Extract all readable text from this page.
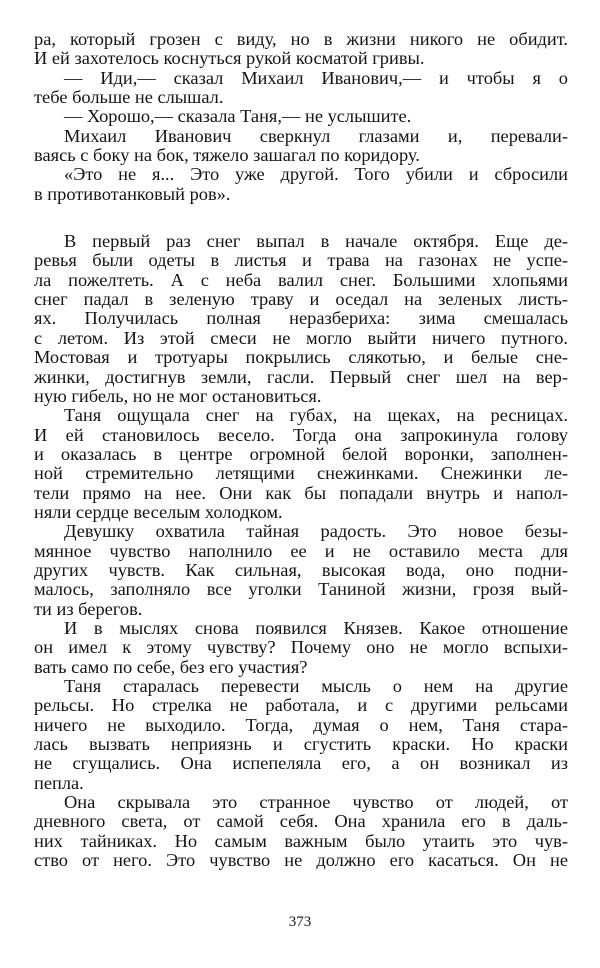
ра, который грозен с виду, но в жизни никого не обидит.
И ей захотелось коснуться рукой косматой гривы.
— Иди,— сказал Михаил Иванович,— и чтобы я о
тебе больше не слышал.
— Хорошо,— сказала Таня,— не услышите.
Михаил Иванович сверкнул глазами и, перевали-
ваясь с боку на бок, тяжело зашагал по коридору.
«Это не я... Это уже другой. Того убили и сбросили
в противотанковый ров».
В первый раз снег выпал в начале октября. Еще де-
ревья были одеты в листья и трава на газонах не успе-
ла пожелтеть. А с неба валил снег. Большими хлопьями
снег падал в зеленую траву и оседал на зеленых листь-
ях. Получилась полная неразбериха: зима смешалась
с летом. Из этой смеси не могло выйти ничего путного.
Мостовая и тротуары покрылись слякотью, и белые сне-
жинки, достигнув земли, гасли. Первый снег шел на вер-
ную гибель, но не мог остановиться.
Таня ощущала снег на губах, на щеках, на ресницах.
И ей становилось весело. Тогда она запрокинула голову
и оказалась в центре огромной белой воронки, заполнен-
ной стремительно летящими снежинками. Снежинки ле-
тели прямо на нее. Они как бы попадали внутрь и напол-
няли сердце веселым холодком.
Девушку охватила тайная радость. Это новое безы-
мянное чувство наполнило ее и не оставило места для
других чувств. Как сильная, высокая вода, оно подни-
малось, заполняло все уголки Таниной жизни, грозя вый-
ти из берегов.
И в мыслях снова появился Князев. Какое отношение
он имел к этому чувству? Почему оно не могло вспыхи-
вать само по себе, без его участия?
Таня старалась перевести мысль о нем на другие
рельсы. Но стрелка не работала, и с другими рельсами
ничего не выходило. Тогда, думая о нем, Таня стара-
лась вызвать неприязнь и сгустить краски. Но краски
не сгущались. Она испепеляла его, а он возникал из
пепла.
Она скрывала это странное чувство от людей, от
дневного света, от самой себя. Она хранила его в даль-
них тайниках. Но самым важным было утаить это чув-
ство от него. Это чувство не должно его касаться. Он не
373
